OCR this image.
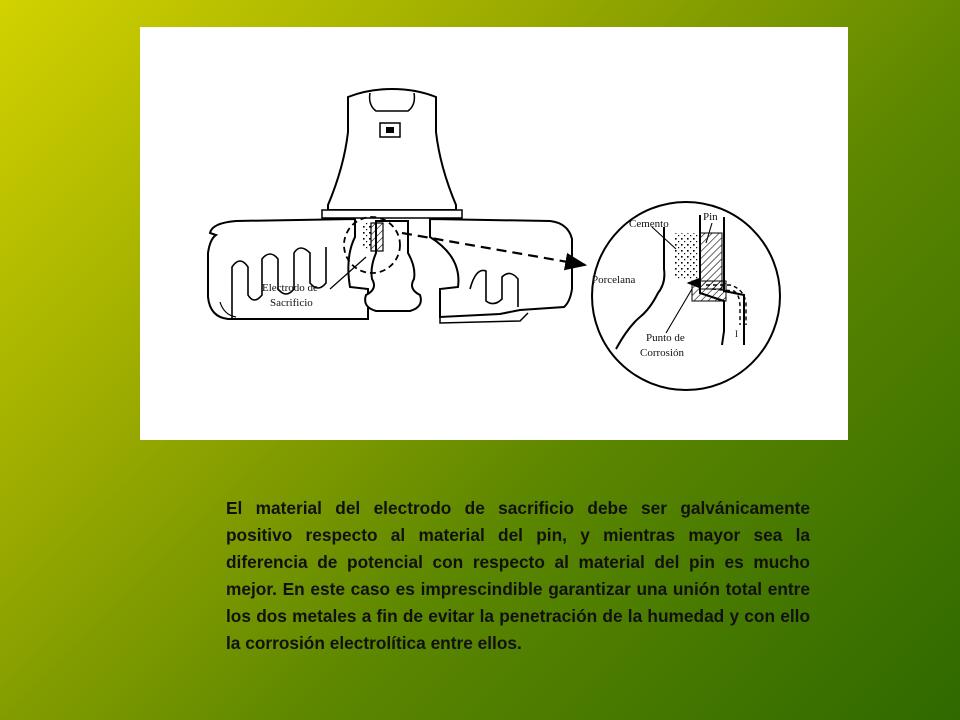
Electrodo de
Sacrificio
Cemento
Pin
Porcelana
Punto de
Corrosión
I

El material del electrodo de sacrificio debe ser galvánicamente positivo respecto al material del pin, y mientras mayor sea la diferencia de potencial con respecto al material del pin es mucho mejor. En este caso es imprescindible garantizar una unión total entre los dos metales a fin de evitar la penetración de la humedad y con ello la corrosión electrolítica entre ellos.
